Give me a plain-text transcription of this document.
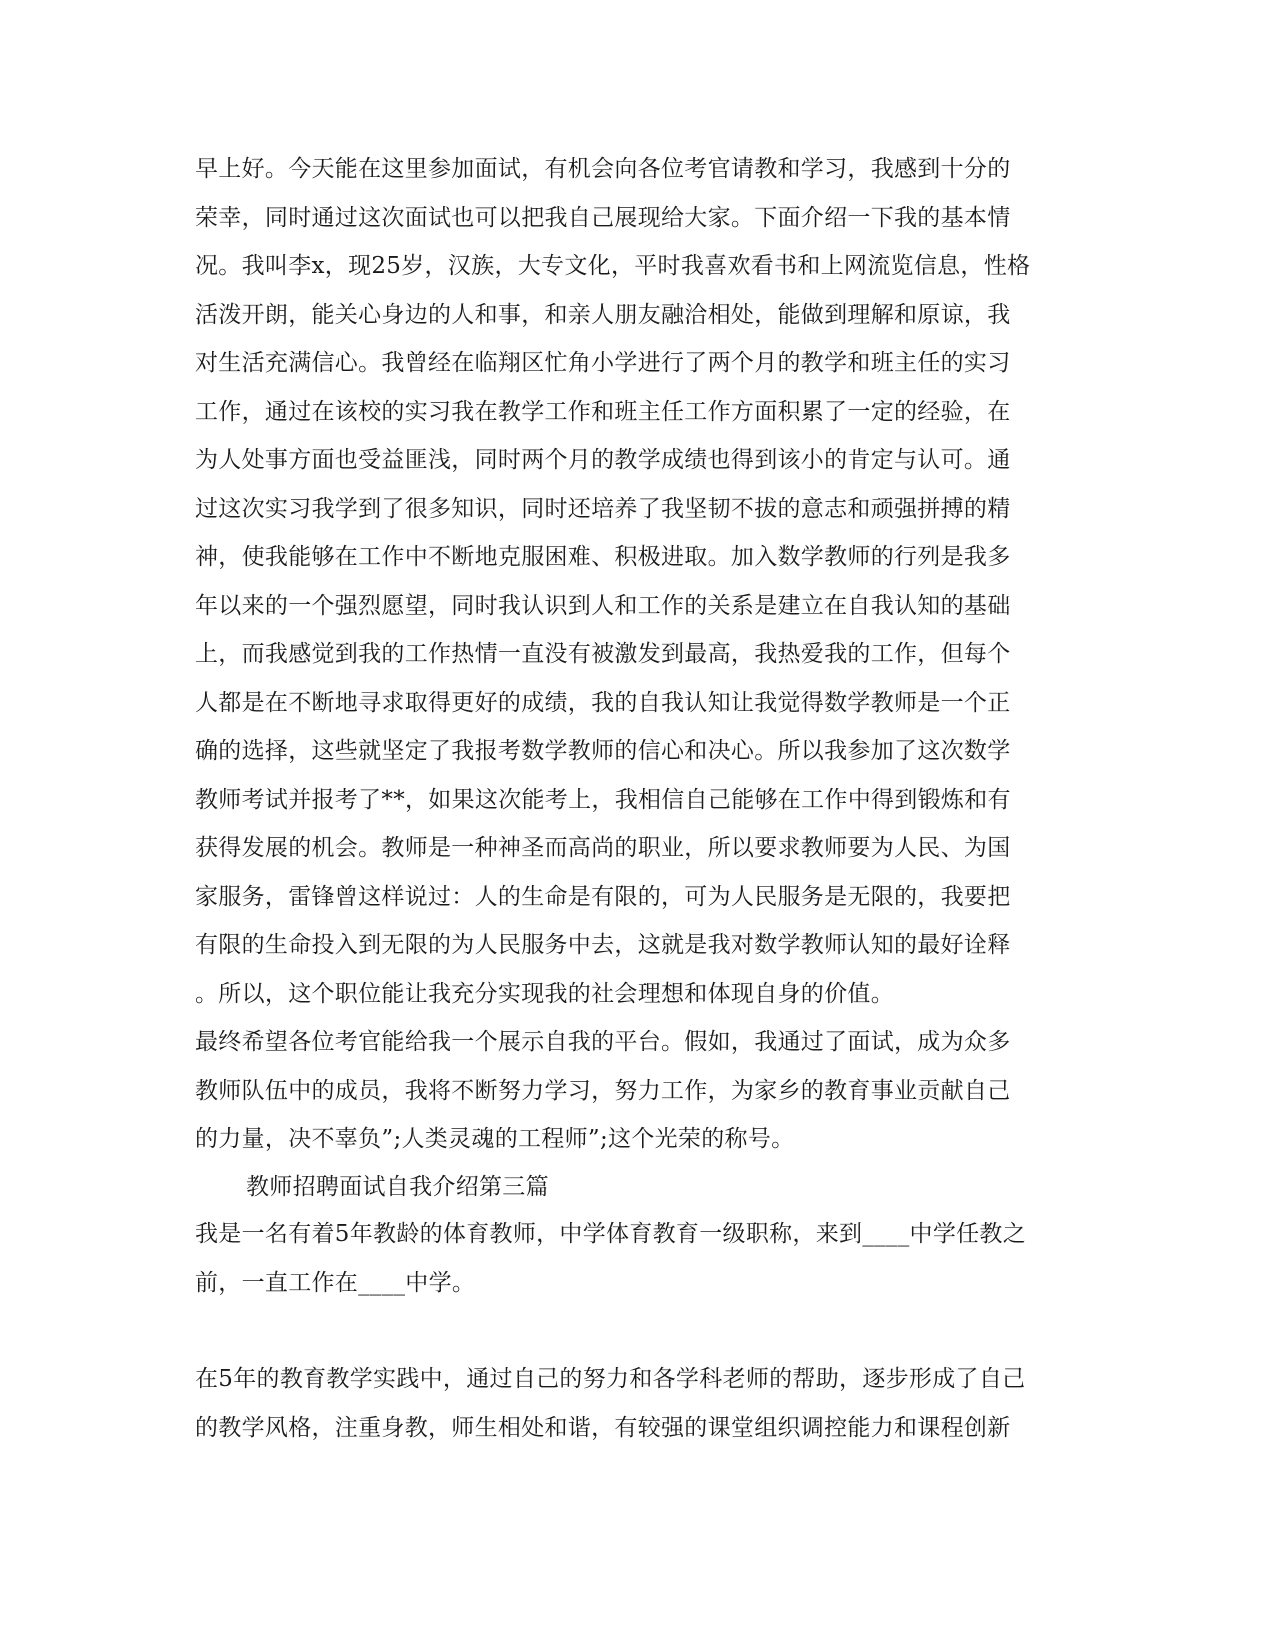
早上好。今天能在这里参加面试，有机会向各位考官请教和学习，我感到十分的
荣幸，同时通过这次面试也可以把我自己展现给大家。下面介绍一下我的基本情
况。我叫李x，现25岁，汉族，大专文化，平时我喜欢看书和上网流览信息，性格
活泼开朗，能关心身边的人和事，和亲人朋友融洽相处，能做到理解和原谅，我
对生活充满信心。我曾经在临翔区忙角小学进行了两个月的教学和班主任的实习
工作，通过在该校的实习我在教学工作和班主任工作方面积累了一定的经验，在
为人处事方面也受益匪浅，同时两个月的教学成绩也得到该小的肯定与认可。通
过这次实习我学到了很多知识，同时还培养了我坚韧不拔的意志和顽强拼搏的精
神，使我能够在工作中不断地克服困难、积极进取。加入数学教师的行列是我多
年以来的一个强烈愿望，同时我认识到人和工作的关系是建立在自我认知的基础
上，而我感觉到我的工作热情一直没有被激发到最高，我热爱我的工作，但每个
人都是在不断地寻求取得更好的成绩，我的自我认知让我觉得数学教师是一个正
确的选择，这些就坚定了我报考数学教师的信心和决心。所以我参加了这次数学
教师考试并报考了**，如果这次能考上，我相信自己能够在工作中得到锻炼和有
获得发展的机会。教师是一种神圣而高尚的职业，所以要求教师要为人民、为国
家服务，雷锋曾这样说过：人的生命是有限的，可为人民服务是无限的，我要把
有限的生命投入到无限的为人民服务中去，这就是我对数学教师认知的最好诠释
。所以，这个职位能让我充分实现我的社会理想和体现自身的价值。
最终希望各位考官能给我一个展示自我的平台。假如，我通过了面试，成为众多
教师队伍中的成员，我将不断努力学习，努力工作，为家乡的教育事业贡献自己
的力量，决不辜负”;人类灵魂的工程师”;这个光荣的称号。
教师招聘面试自我介绍第三篇
我是一名有着5年教龄的体育教师，中学体育教育一级职称，来到____中学任教之
前，一直工作在____中学。
在5年的教育教学实践中，通过自己的努力和各学科老师的帮助，逐步形成了自己
的教学风格，注重身教，师生相处和谐，有较强的课堂组织调控能力和课程创新
